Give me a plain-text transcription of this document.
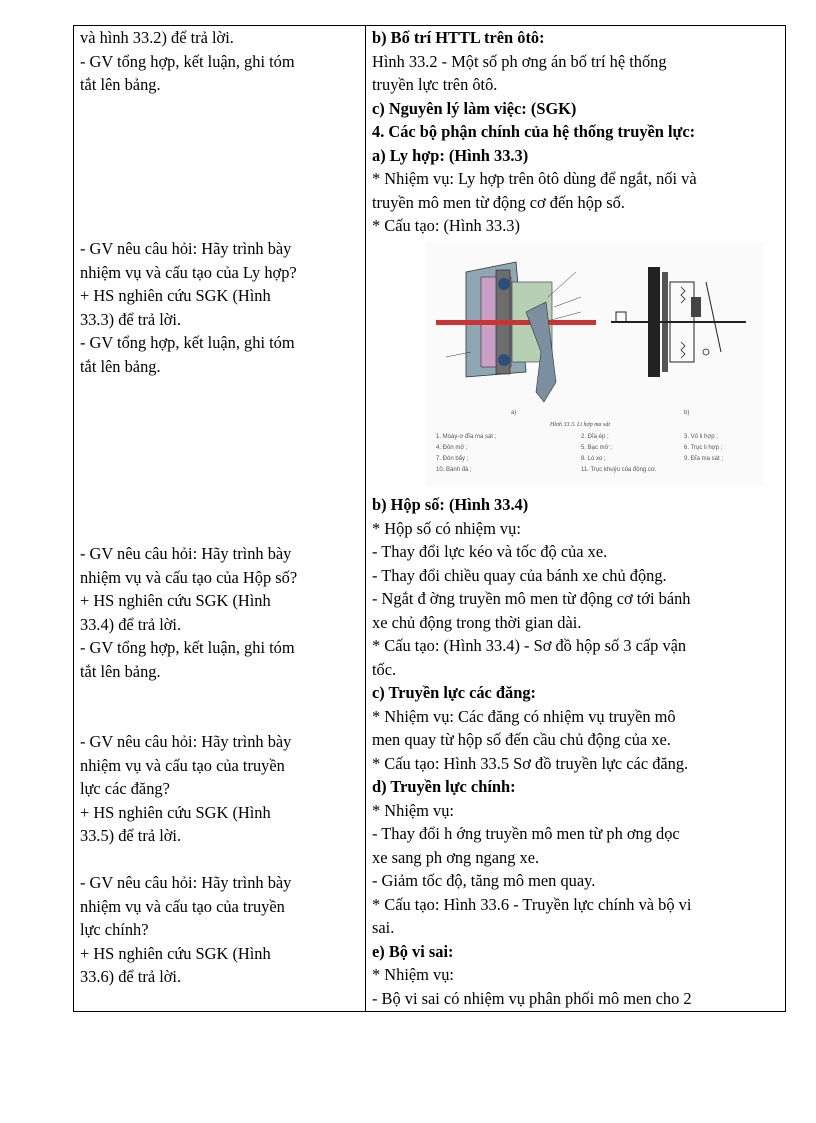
và hình 33.2) để trả lời.
- GV tổng hợp, kết luận, ghi tóm
tắt lên bảng.
- GV nêu câu hỏi: Hãy trình bày
nhiệm vụ và cấu tạo của Ly hợp?
+ HS nghiên cứu SGK (Hình
33.3) để trả lời.
- GV tổng hợp, kết luận, ghi tóm
tắt lên bảng.
- GV nêu câu hỏi: Hãy trình bày
nhiệm vụ và cấu tạo của Hộp số?
+ HS nghiên cứu SGK (Hình
33.4) để trả lời.
- GV tổng hợp, kết luận, ghi tóm
tắt lên bảng.
- GV nêu câu hỏi: Hãy trình bày
nhiệm vụ và cấu tạo của truyền
lực các đăng?
+ HS nghiên cứu SGK (Hình
33.5) để trả lời.
- GV nêu câu hỏi: Hãy trình bày
nhiệm vụ và cấu tạo của truyền
lực chính?
+ HS nghiên cứu SGK (Hình
33.6) để trả lời.
b) Bố trí HTTL trên ôtô:
Hình 33.2 - Một số ph ơng án bố trí hệ thống
truyền lực trên ôtô.
c) Nguyên lý làm việc: (SGK)
4. Các bộ phận chính của hệ thống truyền lực:
a) Ly hợp: (Hình 33.3)
* Nhiệm vụ: Ly hợp trên ôtô dùng để ngắt, nối và
truyền mô men từ động cơ đến hộp số.
* Cấu tạo: (Hình 33.3)
a)	b)
Hình 33.3. Li hợp ma sát
1. Moay-ơ đĩa ma sát ;	2. Đĩa ép ;	3. Vỏ li hợp ;
4. Đòn mở ;	5. Bạc mở ;	6. Trục li hợp ;
7. Đòn bẩy ;	8. Lò xo ;	9. Đĩa ma sát ;
10. Bánh đà ;	11. Trục khuỷu của động cơ.
b) Hộp số: (Hình 33.4)
* Hộp số có nhiệm vụ:
- Thay đổi lực kéo và tốc độ của xe.
- Thay đổi chiều quay của bánh xe chủ động.
- Ngắt đ ờng truyền mô men từ động cơ tới bánh
xe chủ động trong thời gian dài.
* Cấu tạo: (Hình 33.4) - Sơ đồ hộp số 3 cấp vận
tốc.
c) Truyền lực các đăng:
* Nhiệm vụ: Các đăng có nhiệm vụ truyền mô
men quay từ hộp số đến cầu chủ động của xe.
* Cấu tạo: Hình 33.5 Sơ đồ truyền lực các đăng.
d) Truyền lực chính:
* Nhiệm vụ:
- Thay đổi h ớng truyền mô men từ ph ơng dọc
xe sang ph ơng ngang xe.
- Giảm tốc độ, tăng mô men quay.
* Cấu tạo: Hình 33.6 - Truyền lực chính và bộ vi
sai.
e) Bộ vi sai:
* Nhiệm vụ:
- Bộ vi sai có nhiệm vụ phân phối mô men cho 2
